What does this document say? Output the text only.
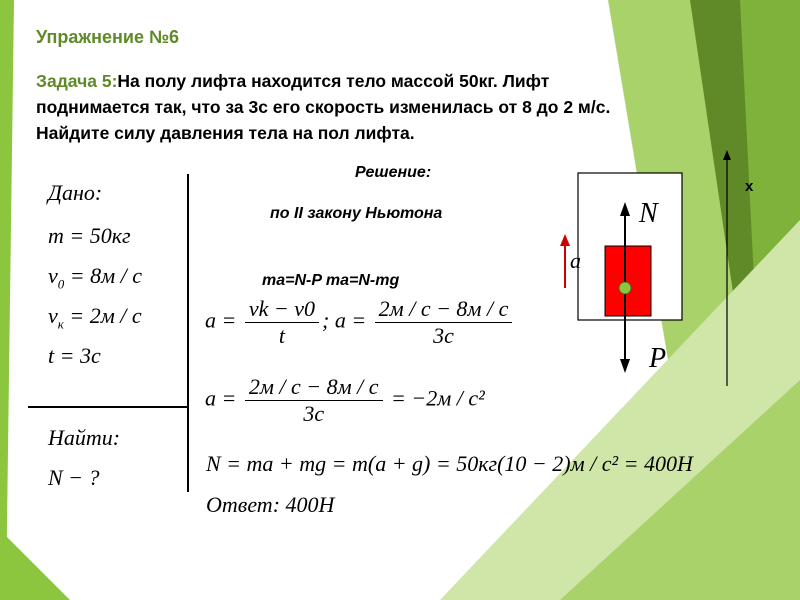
Упражнение №6
Задача 5:На полу лифта находится тело массой 50кг. Лифт
поднимается так, что за 3с его скорость изменилась от 8 до 2 м/с.
Найдите силу давления тела на пол лифта.
Дано:
m = 50кг
$v_0 = 8м / с$
$v_к = 2м / с$
t = 3с
Найти:
N − ?
Решение:
по II закону Ньютона
ma=N-P ma=N-mg
$a = \frac{vk - v0}{t}$ ; $a = \frac{2м / с - 8м / с}{3с}$
$a = \frac{2м / с - 8м / с}{3с} = -2м / с^2$
N = ma + mg = m(a + g) = 50кг(10 − 2)м / с² = 400Н
Ответ: 400Н
N
P
a
x
